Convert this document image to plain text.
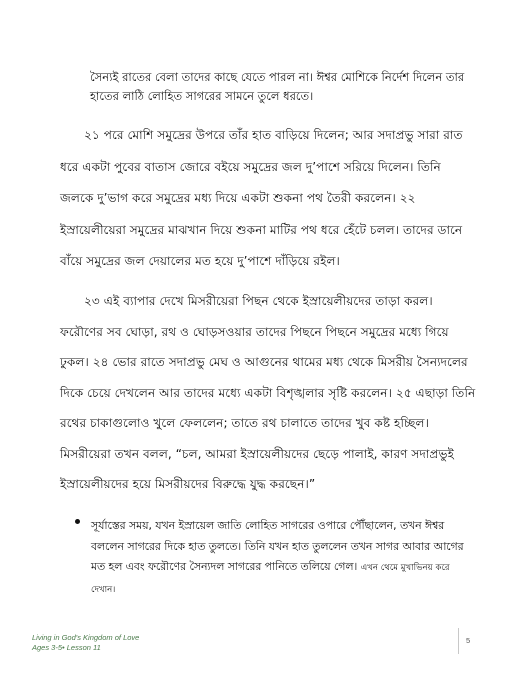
সৈন্যই রাতের বেলা তাদের কাছে যেতে পারল না। ঈশ্বর মোশিকে নির্দেশ দিলেন তার হাতের লাঠি লোহিত সাগরের সামনে তুলে ধরতে।
২১ পরে মোশি সমুদ্রের উপরে তাঁর হাত বাড়িয়ে দিলেন; আর সদাপ্রভু সারা রাত ধরে একটা পুবের বাতাস জোরে বইয়ে সমুদ্রের জল দু’পাশে সরিয়ে দিলেন। তিনি জলকে দু’ভাগ করে সমুদ্রের মধ্য দিয়ে একটা শুকনা পথ তৈরী করলেন। ২২ ইস্রায়েলীয়েরা সমুদ্রের মাঝখান দিয়ে শুকনা মাটির পথ ধরে হেঁটে চলল। তাদের ডানে বাঁয়ে সমুদ্রের জল দেয়ালের মত হয়ে দু’পাশে দাঁড়িয়ে রইল।
২৩ এই ব্যাপার দেখে মিসরীয়েরা পিছন থেকে ইস্রায়েলীয়দের তাড়া করল। ফরৌণের সব ঘোড়া, রথ ও ঘোড়সওয়ার তাদের পিছনে পিছনে সমুদ্রের মধ্যে গিয়ে ঢুকল। ২৪ ভোর রাতে সদাপ্রভু মেঘ ও আগুনের থামের মধ্য থেকে মিসরীয় সৈন্যদলের দিকে চেয়ে দেখলেন আর তাদের মধ্যে একটা বিশৃঙ্খলার সৃষ্টি করলেন। ২৫ এছাড়া তিনি রথের চাকাগুলোও খুলে ফেললেন; তাতে রথ চালাতে তাদের খুব কষ্ট হচ্ছিল। মিসরীয়েরা তখন বলল, “চল, আমরা ইস্রায়েলীয়দের ছেড়ে পালাই, কারণ সদাপ্রভুই ইস্রায়েলীয়দের হয়ে মিসরীয়দের বিরুদ্ধে যুদ্ধ করছেন।”
সূর্যাস্তের সময়, যখন ইস্রায়েল জাতি লোহিত সাগরের ওপারে পৌঁছালেন, তখন ঈশ্বর বললেন সাগরের দিকে হাত তুলতে। তিনি যখন হাত তুললেন তখন সাগর আবার আগের মত হল এবং ফরৌণের সৈন্যদল সাগরের পানিতে তলিয়ে গেল। এখন থেমে মুখাভিনয় করে দেখান।
Living in God's Kingdom of Love
Ages 3-5• Lesson 11
5
